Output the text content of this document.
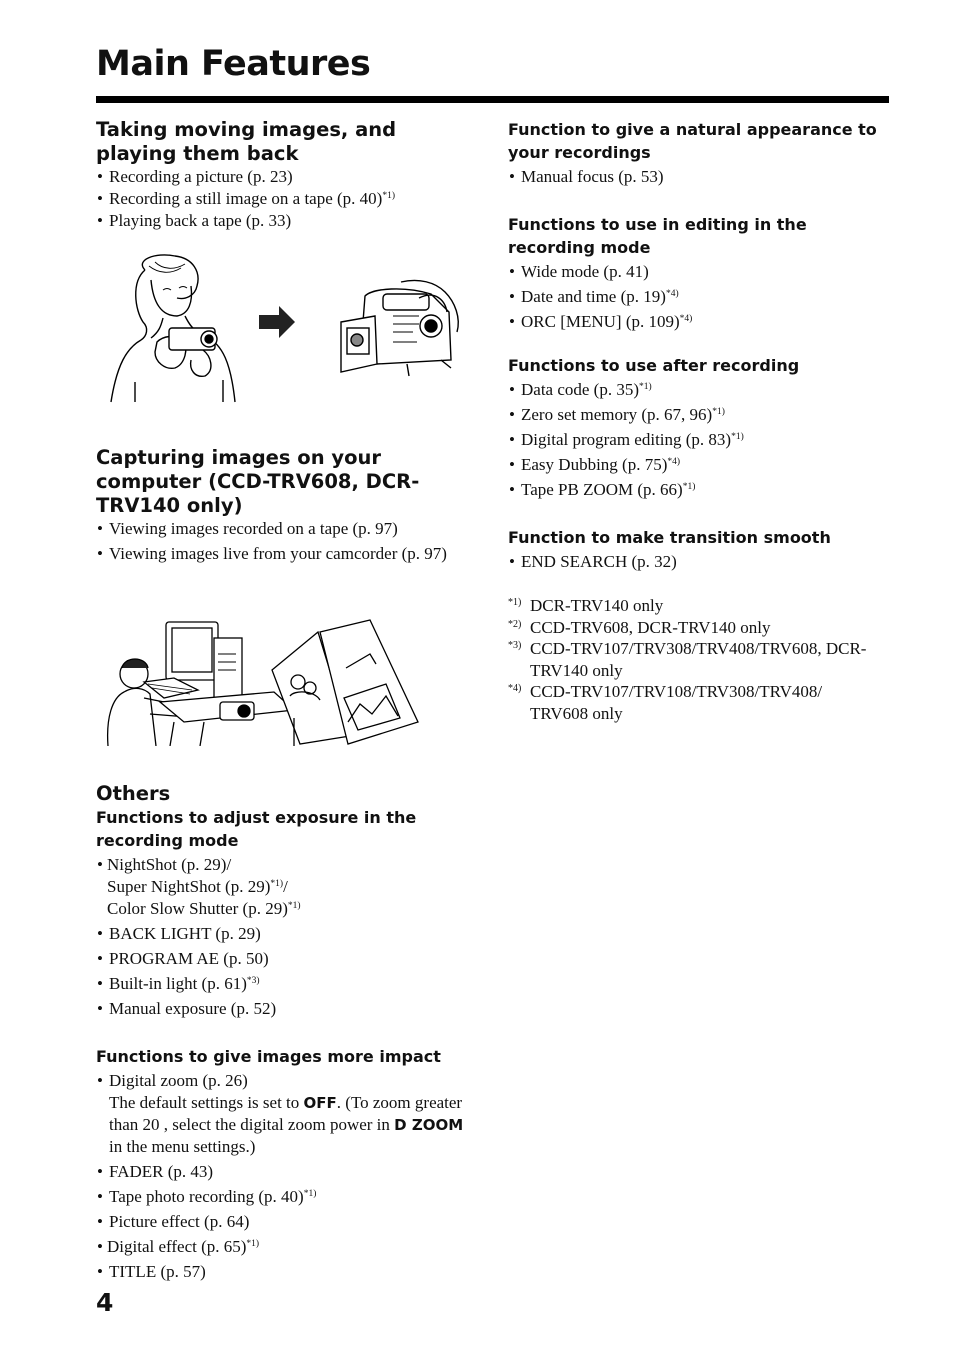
Main Features
Taking moving images, and playing them back
• Recording a picture (p. 23)
• Recording a still image on a tape (p. 40)$^{*1)}$
• Playing back a tape (p. 33)
Capturing images on your computer (CCD-TRV608, DCR-TRV140 only)
• Viewing images recorded on a tape (p. 97)
• Viewing images live from your camcorder (p. 97)
Others
Functions to adjust exposure in the recording mode
• NightShot (p. 29)/
Super NightShot (p. 29)$^{*1)}$/
Color Slow Shutter (p. 29)$^{*1)}$
• BACK LIGHT (p. 29)
• PROGRAM AE (p. 50)
• Built-in light (p. 61)$^{*3)}$
• Manual exposure (p. 52)
Functions to give images more impact
• Digital zoom (p. 26)
The default settings is set to OFF. (To zoom greater than 20 , select the digital zoom power in D ZOOM in the menu settings.)
• FADER (p. 43)
• Tape photo recording (p. 40)$^{*1)}$
• Picture effect (p. 64)
• Digital effect (p. 65)$^{*1)}$
• TITLE (p. 57)
Function to give a natural appearance to your recordings
• Manual focus (p. 53)
Functions to use in editing in the recording mode
• Wide mode (p. 41)
• Date and time (p. 19)$^{*4)}$
• ORC [MENU] (p. 109)$^{*4)}$
Functions to use after recording
• Data code (p. 35)$^{*1)}$
• Zero set memory (p. 67, 96)$^{*1)}$
• Digital program editing (p. 83)$^{*1)}$
• Easy Dubbing (p. 75)$^{*4)}$
• Tape PB ZOOM (p. 66)$^{*1)}$
Function to make transition smooth
• END SEARCH (p. 32)
*1) DCR-TRV140 only
*2) CCD-TRV608, DCR-TRV140 only
*3) CCD-TRV107/TRV308/TRV408/TRV608, DCR-TRV140 only
*4) CCD-TRV107/TRV108/TRV308/TRV408/ TRV608 only

4
